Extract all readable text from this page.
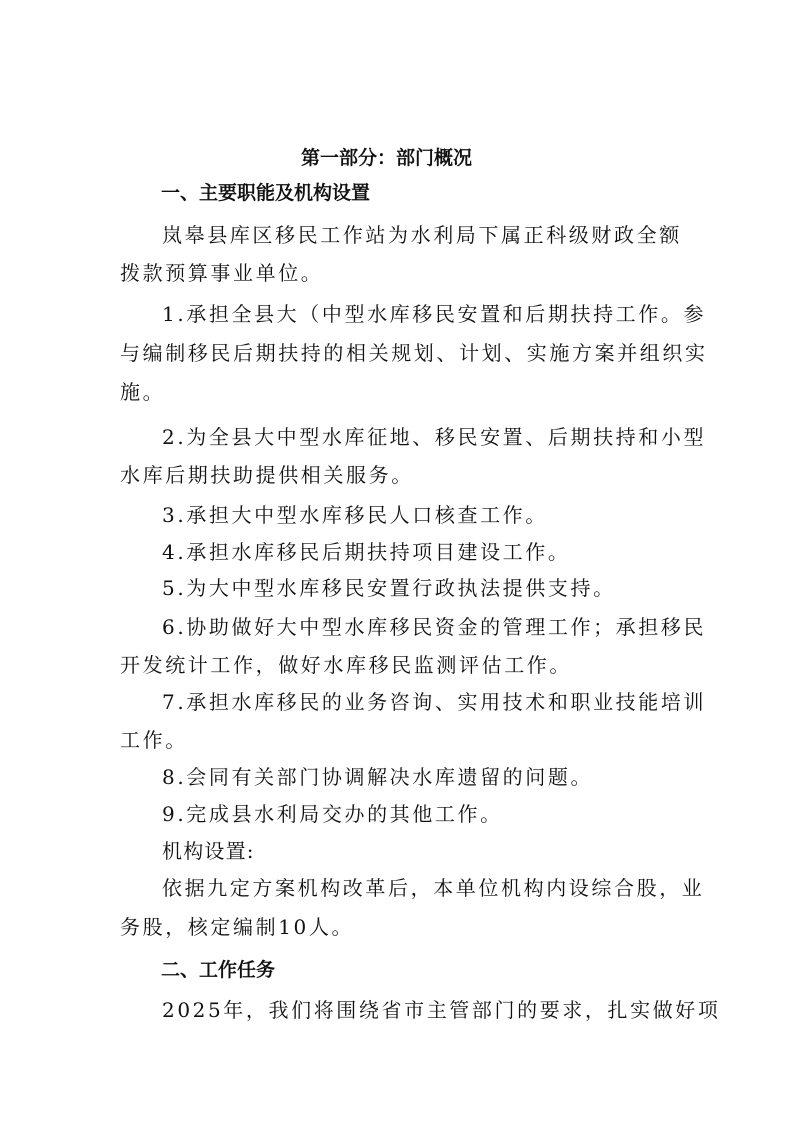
第一部分：部门概况
一、主要职能及机构设置
岚皋县库区移民工作站为水利局下属正科级财政全额
拨款预算事业单位。
1.承担全县大（中型水库移民安置和后期扶持工作。参
与编制移民后期扶持的相关规划、计划、实施方案并组织实
施。
2.为全县大中型水库征地、移民安置、后期扶持和小型
水库后期扶助提供相关服务。
3.承担大中型水库移民人口核查工作。
4.承担水库移民后期扶持项目建设工作。
5.为大中型水库移民安置行政执法提供支持。
6.协助做好大中型水库移民资金的管理工作；承担移民
开发统计工作，做好水库移民监测评估工作。
7.承担水库移民的业务咨询、实用技术和职业技能培训
工作。
8.会同有关部门协调解决水库遗留的问题。
9.完成县水利局交办的其他工作。
机构设置:
依据九定方案机构改革后，本单位机构内设综合股，业
务股，核定编制10人。
二、工作任务
2025年，我们将围绕省市主管部门的要求，扎实做好项
